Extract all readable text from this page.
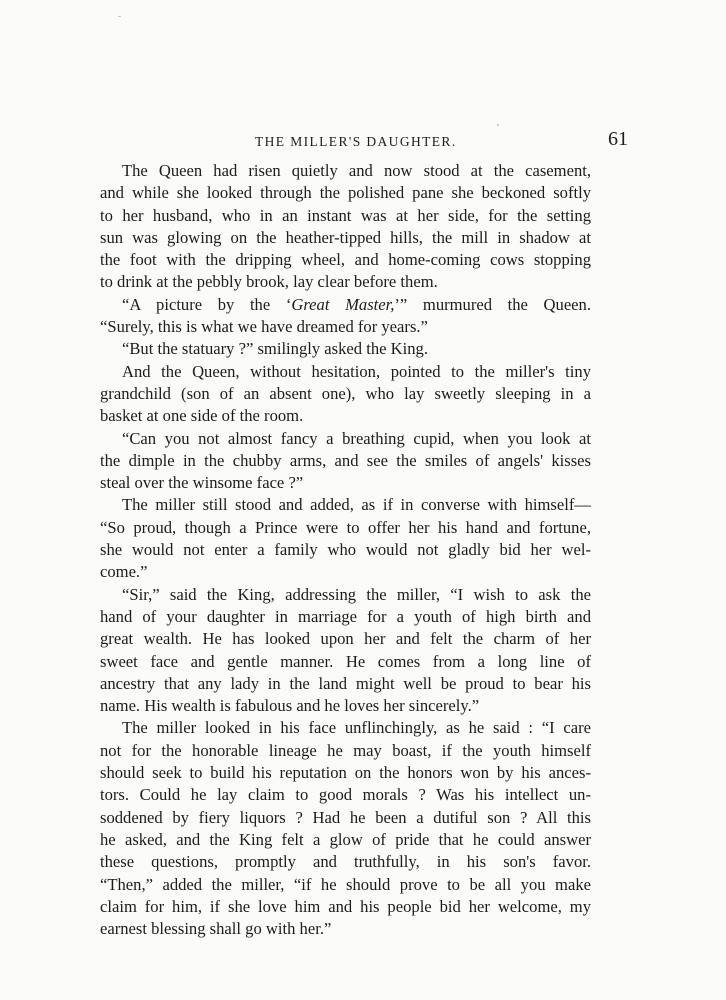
THE MILLER'S DAUGHTER.	61
The Queen had risen quietly and now stood at the casement,
and while she looked through the polished pane she beckoned softly
to her husband, who in an instant was at her side, for the setting
sun was glowing on the heather-tipped hills, the mill in shadow at
the foot with the dripping wheel, and home-coming cows stopping
to drink at the pebbly brook, lay clear before them.
“A picture by the ‘Great Master,’” murmured the Queen.
“Surely, this is what we have dreamed for years.”
“But the statuary ?” smilingly asked the King.
And the Queen, without hesitation, pointed to the miller's tiny
grandchild (son of an absent one), who lay sweetly sleeping in a
basket at one side of the room.
“Can you not almost fancy a breathing cupid, when you look at
the dimple in the chubby arms, and see the smiles of angels' kisses
steal over the winsome face ?”
The miller still stood and added, as if in converse with himself—
“So proud, though a Prince were to offer her his hand and fortune,
she would not enter a family who would not gladly bid her wel-
come.”
“Sir,” said the King, addressing the miller, “I wish to ask the
hand of your daughter in marriage for a youth of high birth and
great wealth. He has looked upon her and felt the charm of her
sweet face and gentle manner. He comes from a long line of
ancestry that any lady in the land might well be proud to bear his
name. His wealth is fabulous and he loves her sincerely.”
The miller looked in his face unflinchingly, as he said : “I care
not for the honorable lineage he may boast, if the youth himself
should seek to build his reputation on the honors won by his ances-
tors. Could he lay claim to good morals ? Was his intellect un-
soddened by fiery liquors ? Had he been a dutiful son ? All this
he asked, and the King felt a glow of pride that he could answer
these questions, promptly and truthfully, in his son's favor.
“Then,” added the miller, “if he should prove to be all you make
claim for him, if she love him and his people bid her welcome, my
earnest blessing shall go with her.”
